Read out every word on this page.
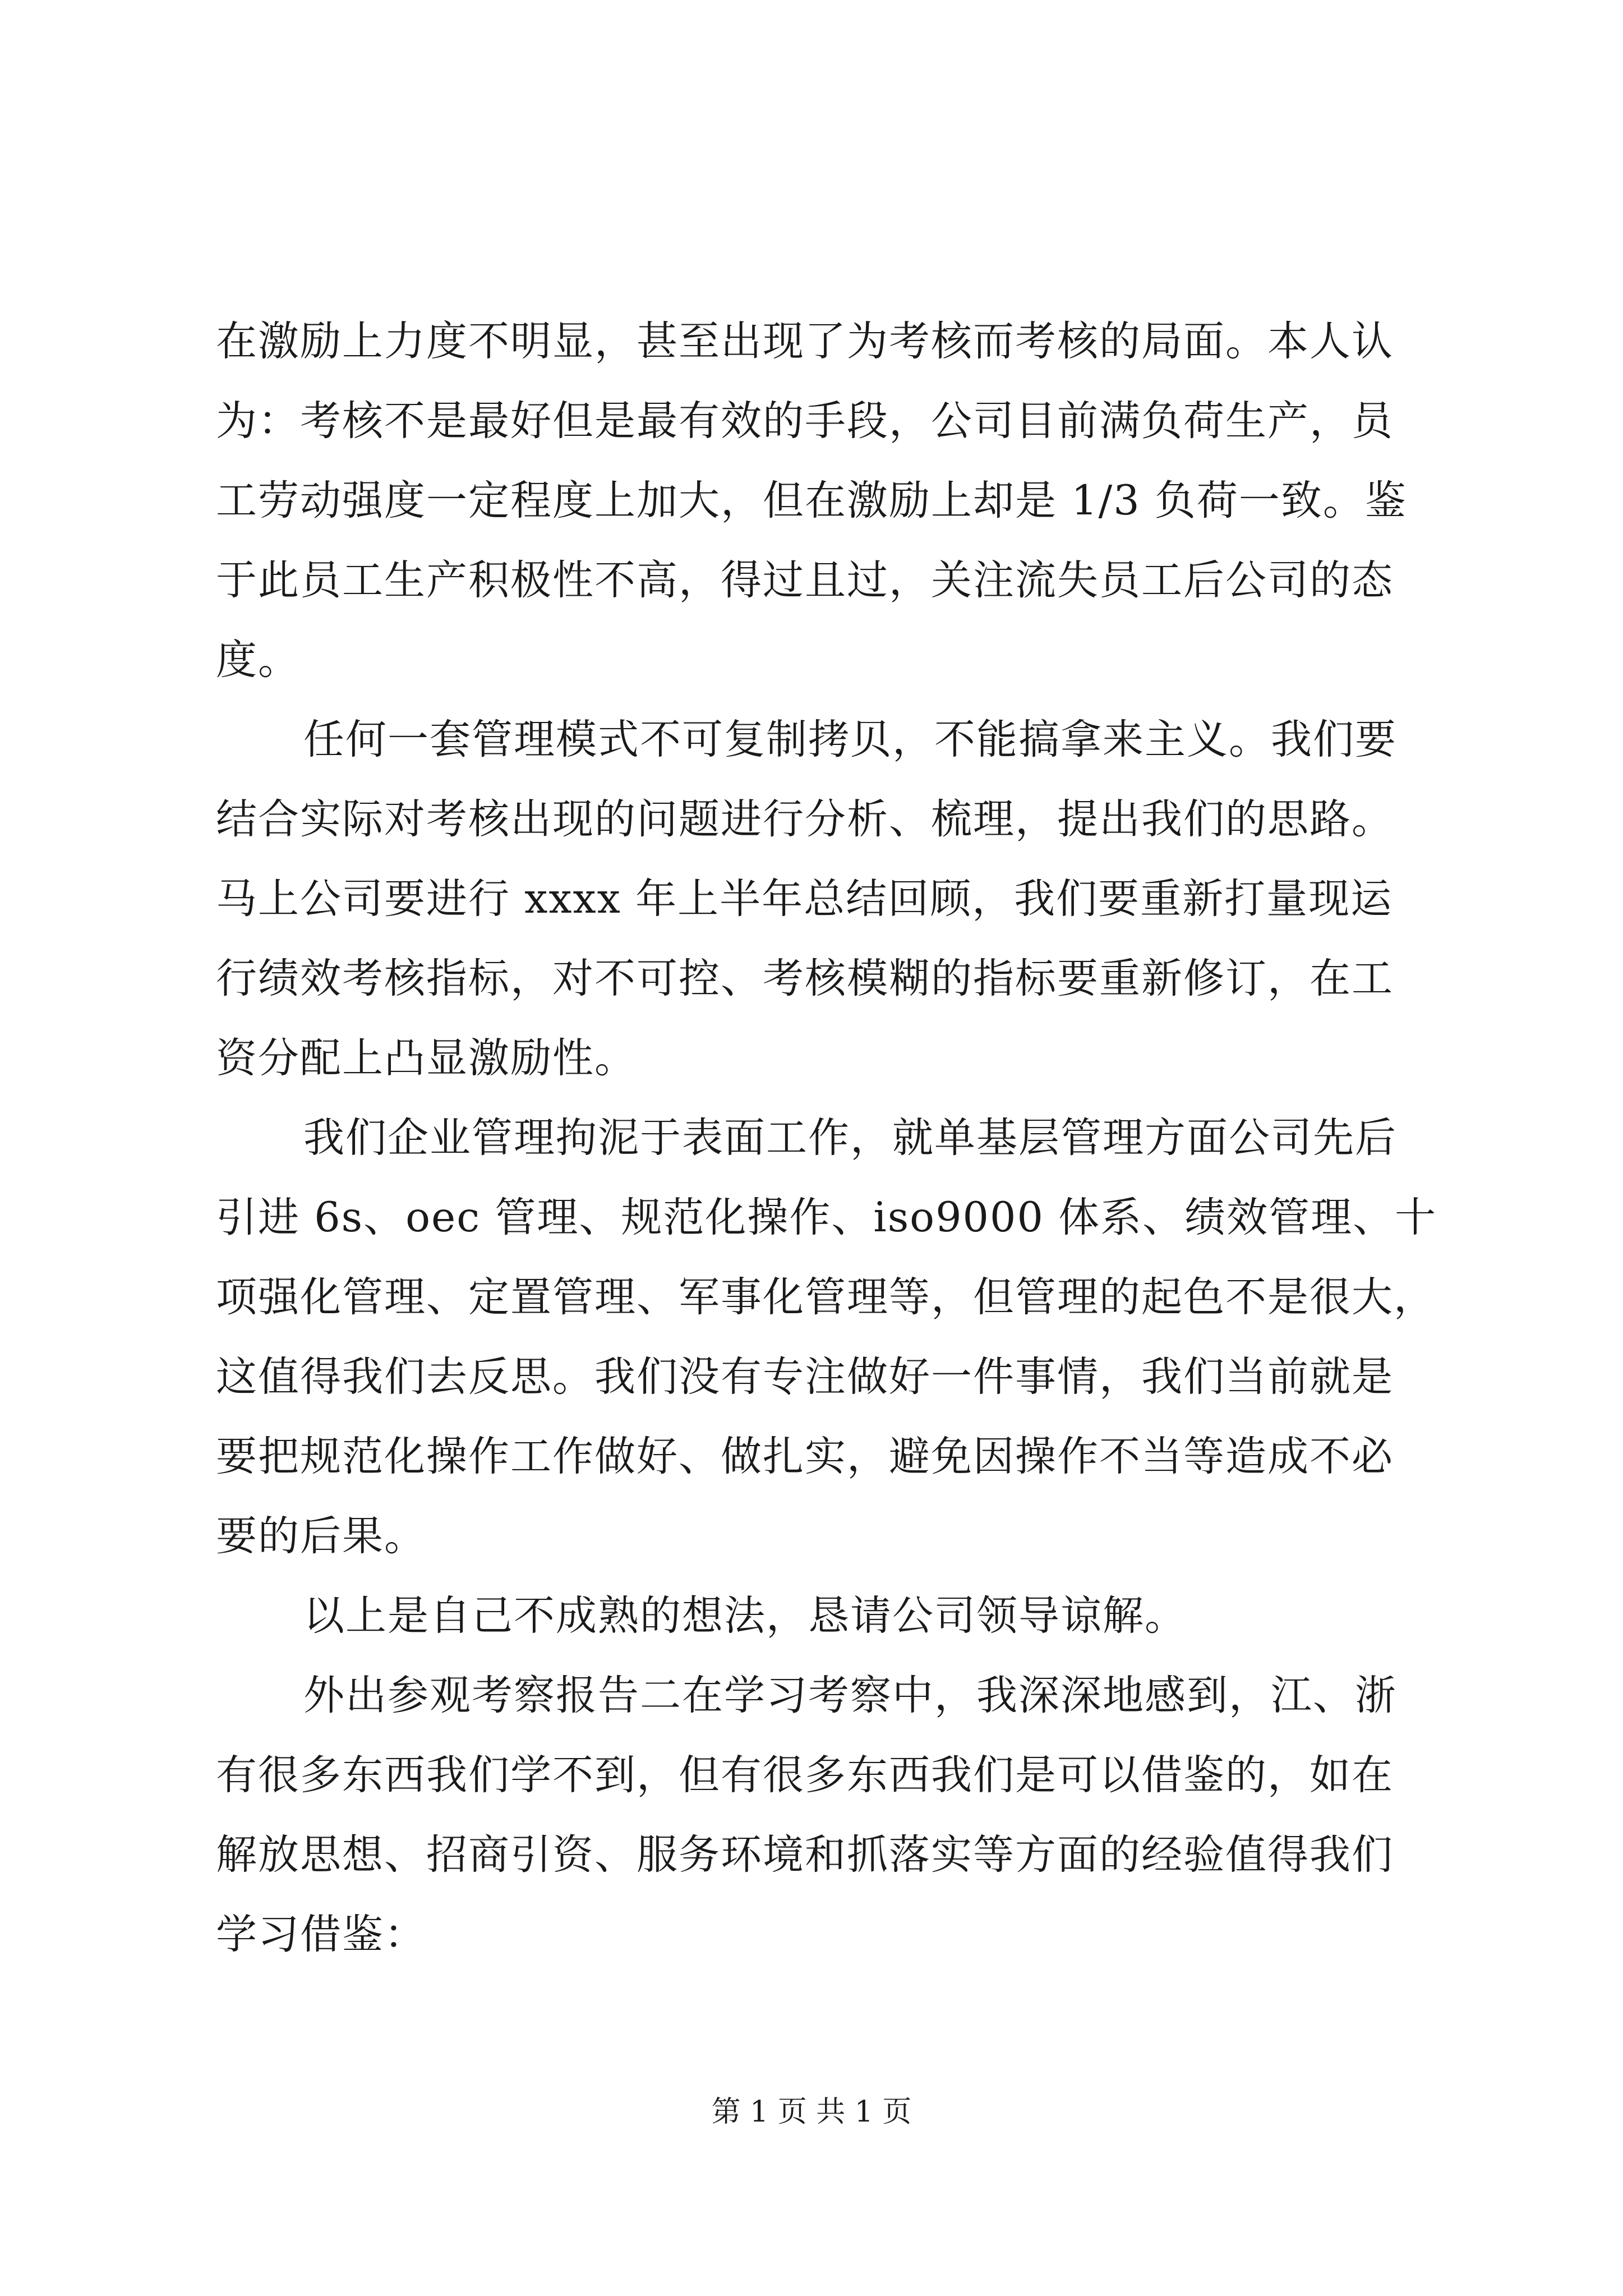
在激励上力度不明显，甚至出现了为考核而考核的局面。本人认
为：考核不是最好但是最有效的手段，公司目前满负荷生产，员
工劳动强度一定程度上加大，但在激励上却是 1/3 负荷一致。鉴
于此员工生产积极性不高，得过且过，关注流失员工后公司的态
度。
任何一套管理模式不可复制拷贝，不能搞拿来主义。我们要
结合实际对考核出现的问题进行分析、梳理，提出我们的思路。
马上公司要进行 xxxx 年上半年总结回顾，我们要重新打量现运
行绩效考核指标，对不可控、考核模糊的指标要重新修订，在工
资分配上凸显激励性。
我们企业管理拘泥于表面工作，就单基层管理方面公司先后
引进 6s、oec 管理、规范化操作、iso9000 体系、绩效管理、十
项强化管理、定置管理、军事化管理等，但管理的起色不是很大，
这值得我们去反思。我们没有专注做好一件事情，我们当前就是
要把规范化操作工作做好、做扎实，避免因操作不当等造成不必
要的后果。
以上是自己不成熟的想法，恳请公司领导谅解。
外出参观考察报告二在学习考察中，我深深地感到，江、浙
有很多东西我们学不到，但有很多东西我们是可以借鉴的，如在
解放思想、招商引资、服务环境和抓落实等方面的经验值得我们
学习借鉴：
第 1 页 共 1 页
